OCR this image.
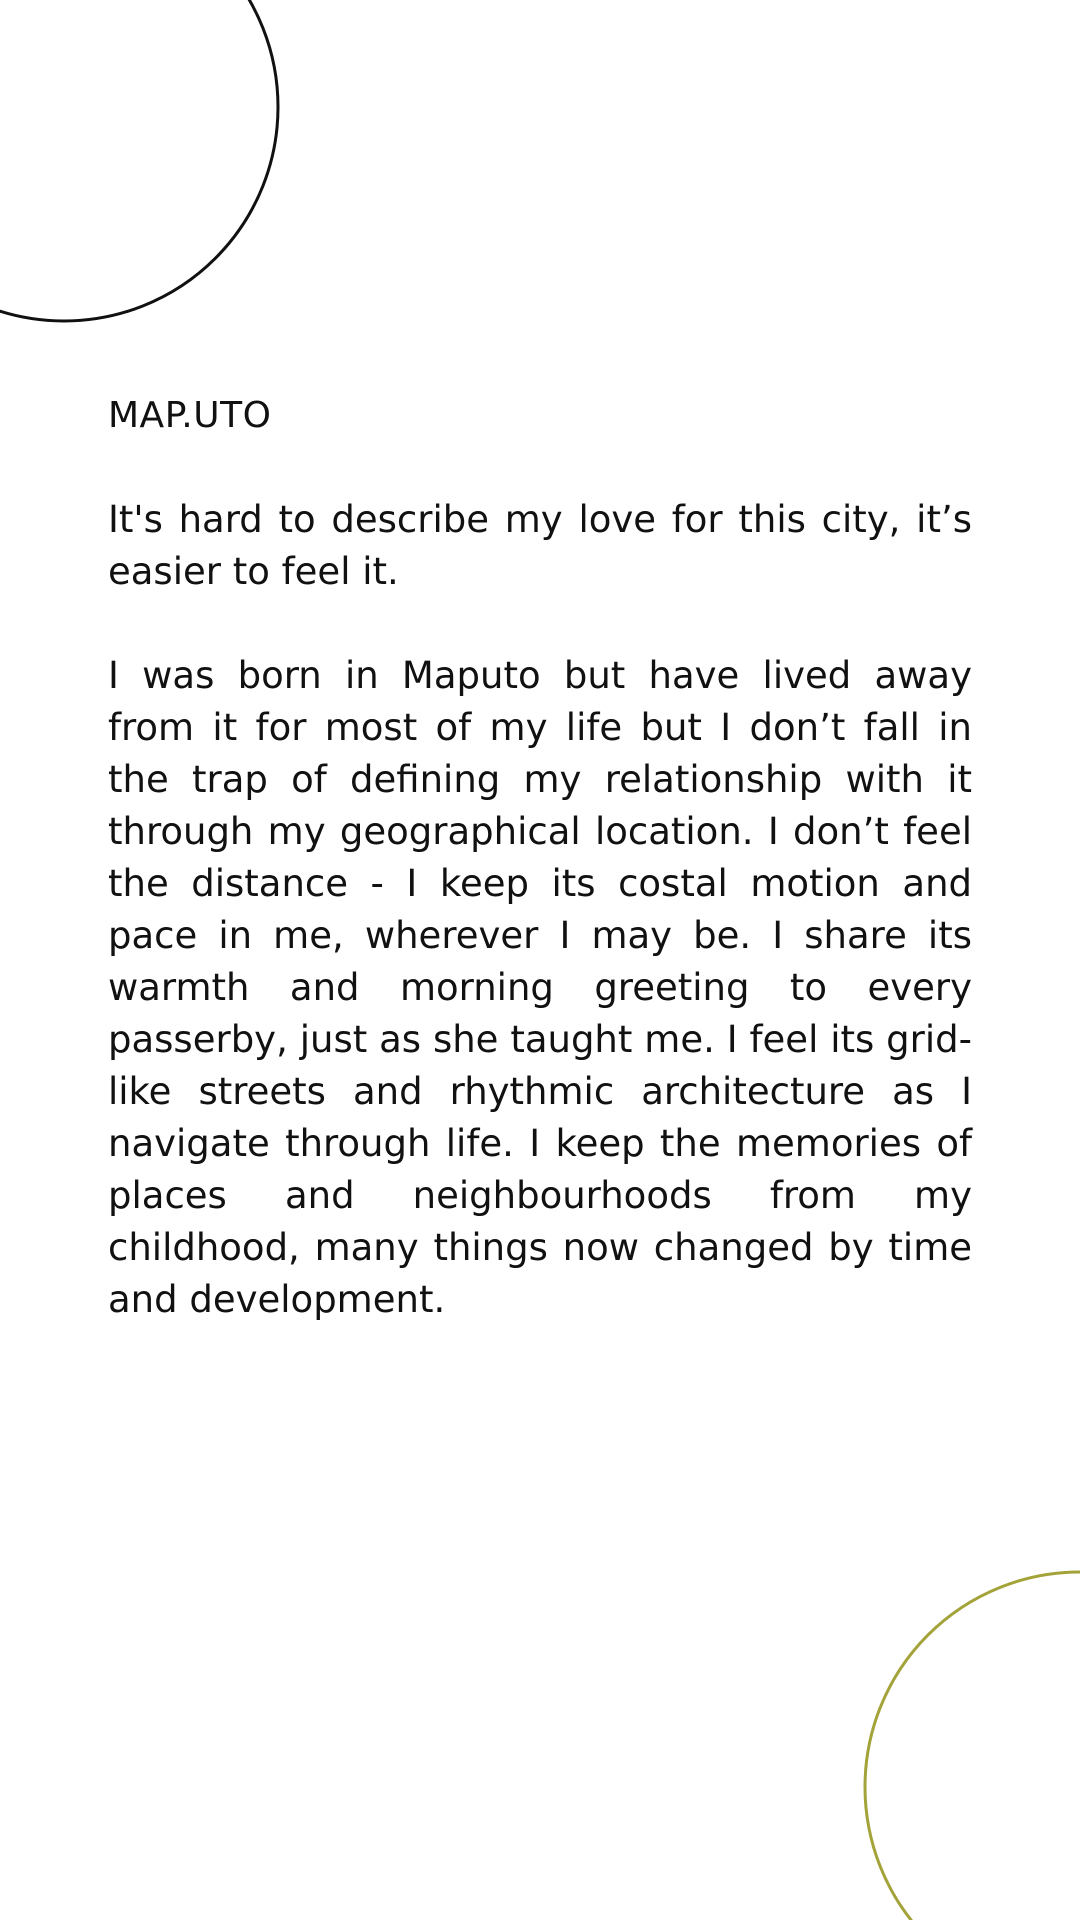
MAP.UTO

It's hard to describe my love for this city, it’s easier to feel it.

I was born in Maputo but have lived away from it for most of my life but I don’t fall in the trap of defining my relationship with it through my geographical location. I don’t feel the distance - I keep its costal motion and pace in me, wherever I may be. I share its warmth and morning greeting to every passerby, just as she taught me. I feel its grid-like streets and rhythmic architecture as I navigate through life. I keep the memories of places and neighbourhoods from my childhood, many things now changed by time and development.
